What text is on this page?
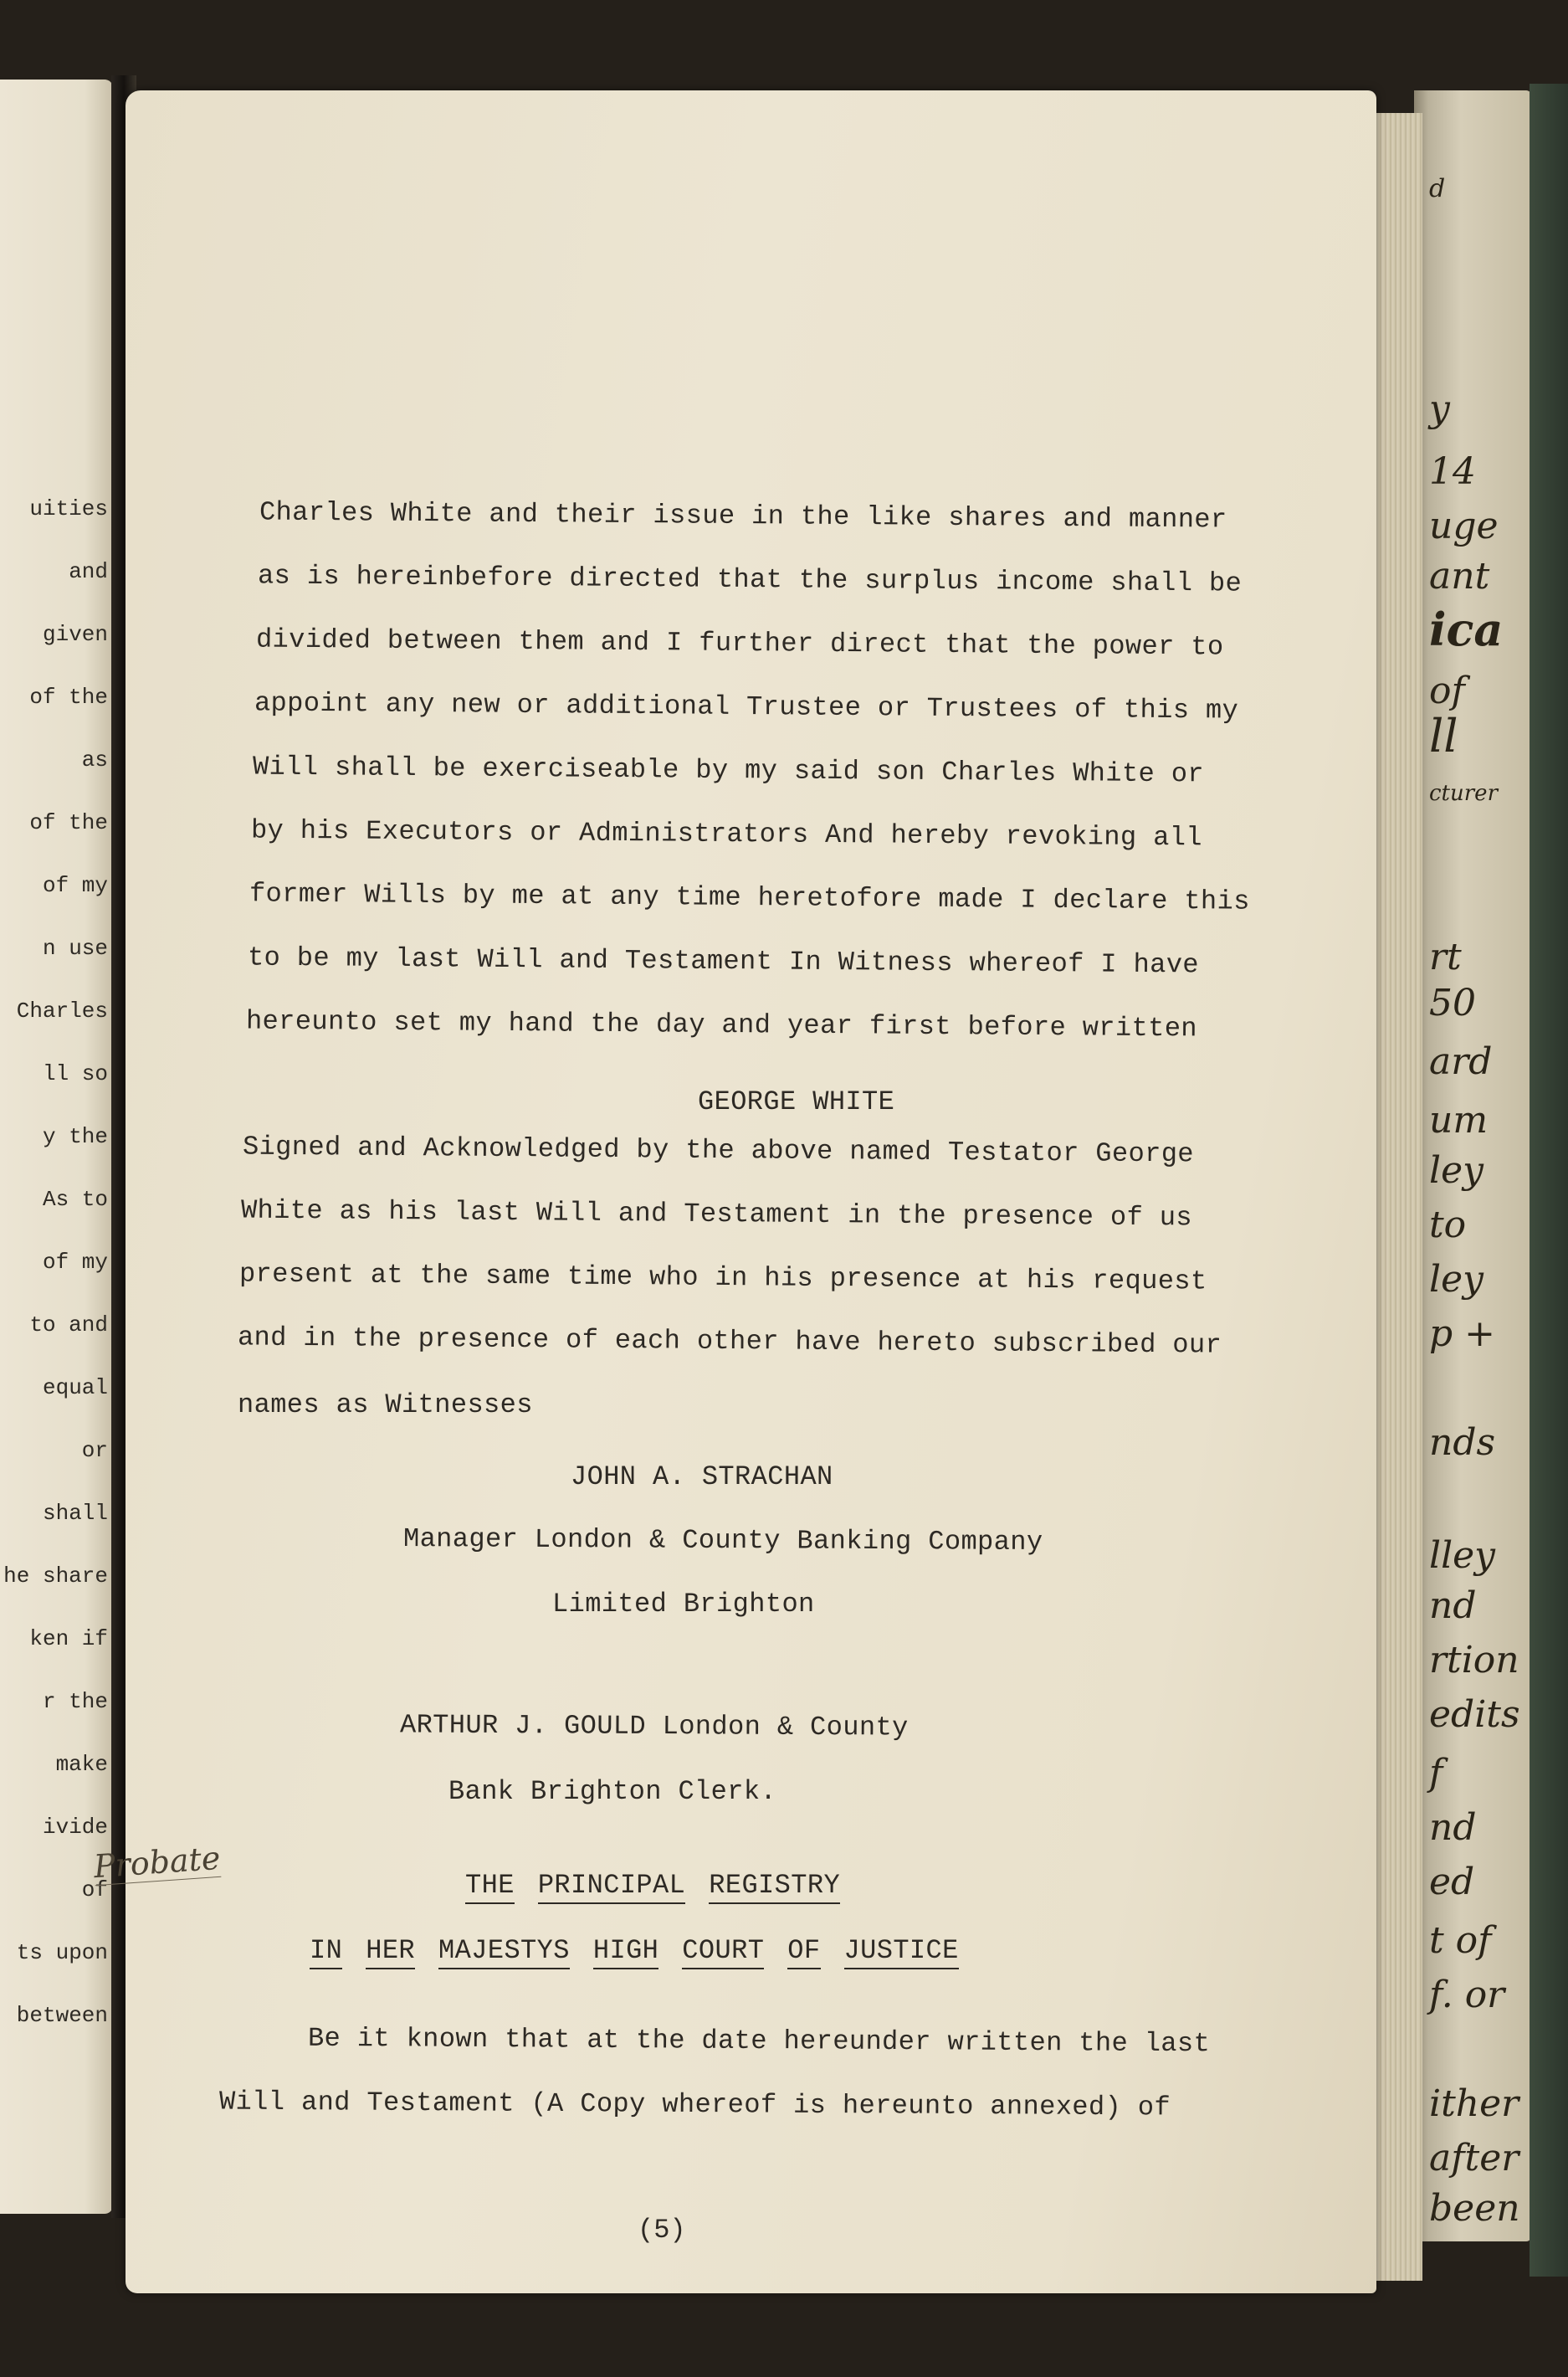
uities
and
given
of the
as
of the
of my
n use
Charles
ll so
y the
As to
of my
to and
equal
or
shall
he share
ken if
r the
make
ivide
of
ts upon
between
d
y
14
uge
ant
ica
of
ll
cturer
rt
50
ard
um
ley
to
ley
p +
nds
lley
nd
rtion
edits
f
nd
ed
t of
f. or
ither
after
been
Charles White and their issue in the like shares and manner
as is hereinbefore directed that the surplus income shall be
divided between them and I further direct that the power to
appoint any new or additional Trustee or Trustees of this my
Will shall be exerciseable by my said son Charles White or
by his Executors or Administrators And hereby revoking all
former Wills by me at any time heretofore made I declare this
to be my last Will and Testament In Witness whereof I have
hereunto set my hand the day and year first before written
GEORGE WHITE
Signed and Acknowledged by the above named Testator George
White as his last Will and Testament in the presence of us
present at the same time who in his presence at his request
and in the presence of each other have hereto subscribed our
names as Witnesses
JOHN A. STRACHAN
Manager London & County Banking Company
Limited Brighton
ARTHUR J. GOULD London & County
Bank Brighton Clerk.
Probate
THE PRINCIPAL REGISTRY
IN HER MAJESTYS HIGH COURT OF JUSTICE
Be it known that at the date hereunder written the last
Will and Testament (A Copy whereof is hereunto annexed) of
(5)
